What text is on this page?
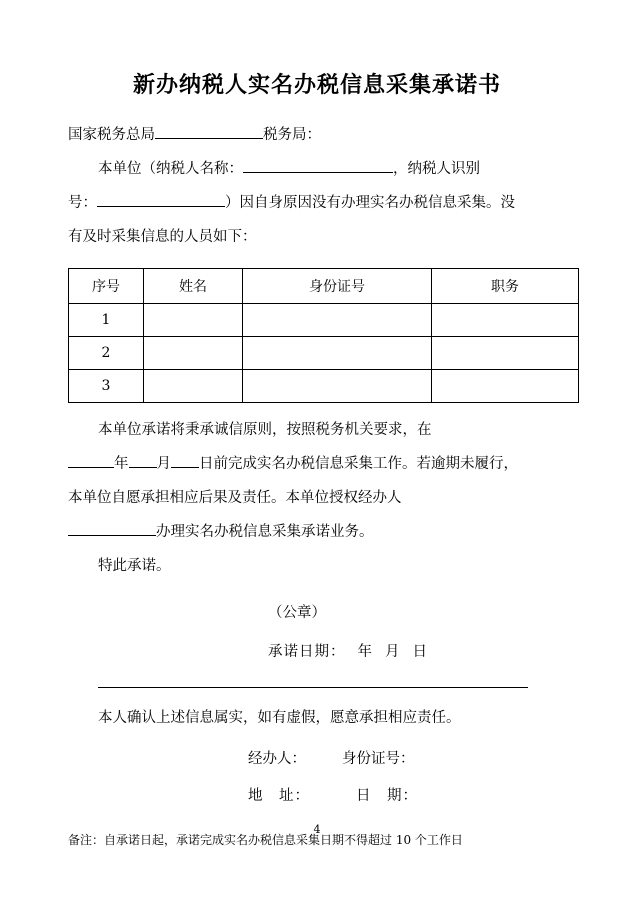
新办纳税人实名办税信息采集承诺书

国家税务总局	税务局：

本单位（纳税人名称：	，纳税人识别

号：	）因自身原因没有办理实名办税信息采集。没

有及时采集信息的人员如下：

序号	姓名	身份证号	职务
1			
2			
3			

本单位承诺将秉承诚信原则，按照税务机关要求，在

年 月 日前完成实名办税信息采集工作。若逾期未履行，

本单位自愿承担相应后果及责任。本单位授权经办人

办理实名办税信息采集承诺业务。

特此承诺。

（公章）
承诺日期： 年 月 日
本人确认上述信息属实，如有虚假，愿意承担相应责任。
经办人： 身份证号：
地　址：	日　期：
备注：自承诺日起，承诺完成实名办税信息采集日期不得超过 10 个工作日
4
